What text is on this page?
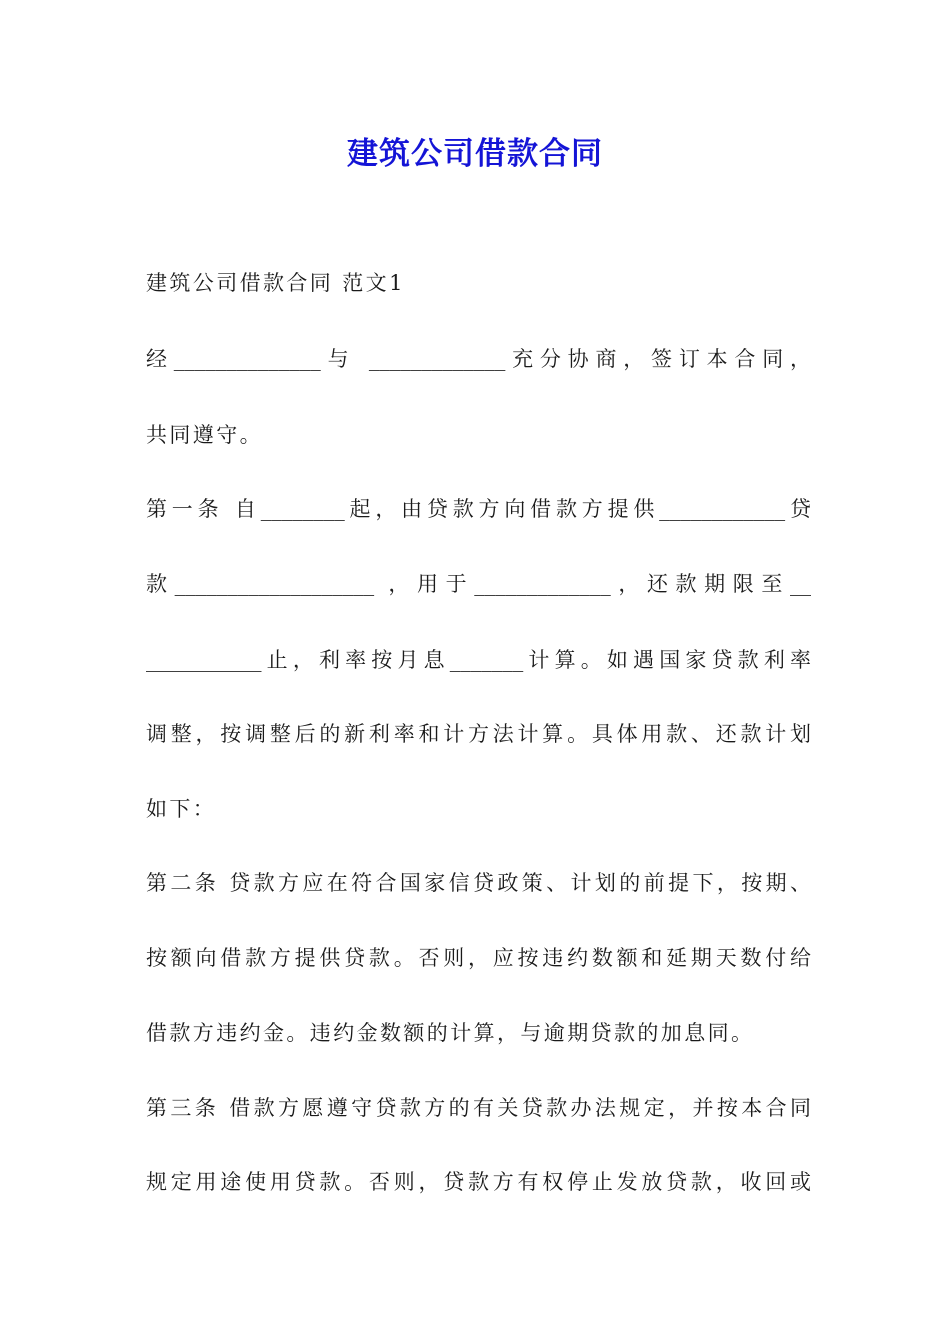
建筑公司借款合同
建筑公司借款合同 范文1
经______________与 _____________充分协商，签订本合同，
共同遵守。
第一条 自________起，由贷款方向借款方提供____________贷
款___________________ ，用于_____________，还款期限至__
___________止，利率按月息_______计算。如遇国家贷款利率
调整，按调整后的新利率和计方法计算。具体用款、还款计划
如下：
第二条 贷款方应在符合国家信贷政策、计划的前提下，按期、
按额向借款方提供贷款。否则，应按违约数额和延期天数付给
借款方违约金。违约金数额的计算，与逾期贷款的加息同。
第三条 借款方愿遵守贷款方的有关贷款办法规定，并按本合同
规定用途使用贷款。否则，贷款方有权停止发放贷款，收回或
